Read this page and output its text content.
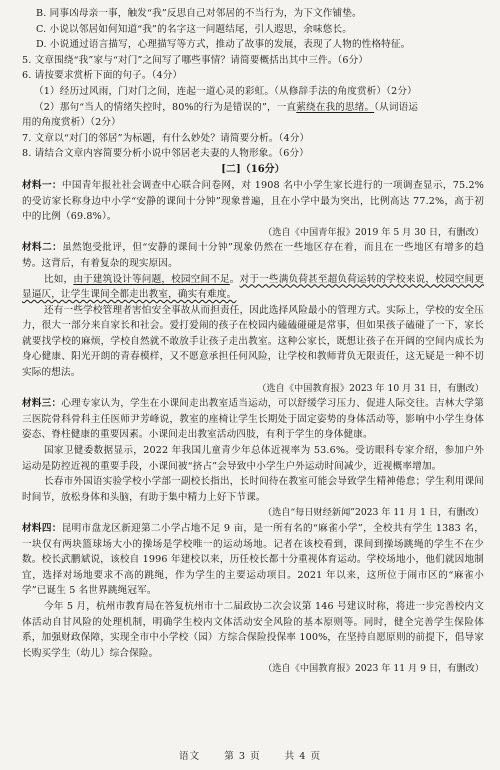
B. 同事凶母亲一事，触发“我”反思自己对邻居的不当行为，为下文作铺垫。

C. 小说以邻居如何知道“我”的名字这一问题结尾，引人遐思，余味悠长。

D. 小说通过语言描写，心理描写等方式，推动了故事的发展，表现了人物的性格特征。

5. 文章围绕“我”家与“对门”之间写了哪些事情？请简要概括出其中三件。（6分）

6. 请按要求赏析下面的句子。（4分）

（1）经历过风雨，门对门之间，连起一道心灵的彩虹。（从修辞手法的角度赏析）（2分）

（2）那句“当人的情绪失控时，80%的行为是错误的”，一直萦绕在我的思绪。（从词语运

用的角度赏析）（2分）

7. 文章以“对门的邻居”为标题，有什么妙处？请简要分析。（4分）

8. 请结合文章内容简要分析小说中邻居老夫妻的人物形象。（6分）

[二]（16分）

材料一：中国青年报社社会调查中心联合问卷网，对 1908 名中小学生家长进行的一项调查显示，75.2%的受访家长称身边中小学“安静的课间十分钟”现象普遍，且在小学中最为突出，比例高达 77.2%，高于初中的比例（69.8%）。

（选自《中国青年报》2019 年 5 月 30 日，有删改）

材料二：虽然饱受批评，但“安静的课间十分钟”现象仍然在一些地区存在着，而且在一些地区有增多的趋势。这背后，有着复杂的现实原因。

比如，由于建筑设计等问题，校园空间不足。对于一些满负荷甚至超负荷运转的学校来说，校园空间更显逼仄，让学生课间全都走出教室，确实有难度。

还有一些学校管理者害怕安全事故从而担责任，因此选择风险最小的管理方式。实际上，学校的安全压力，很大一部分来自家长和社会。爱打爱闹的孩子在校园内磕磕碰碰是常事，但如果孩子磕碰了一下，家长就要找学校的麻烦，学校自然就不敢放手让孩子走出教室。这种公家长，既想让孩子在开阔的空间内成长为身心健康、阳光开朗的青春模样，又不愿意承担任何风险，让学校和教师背负无限责任，这无疑是一种不切实际的想法。

（选自《中国教育报》2023 年 10 月 31 日，有删改）

材料三：心理专家认为，学生在小课间走出教室适当运动，可以舒缓学习压力、促进人际交往。吉林大学第三医院骨科骨科主任医师尹芳峰说，教室的座椅让学生长期处于固定姿势的身体活动等，影响中小学生身体姿态、脊柱健康的重要因素。小课间走出教室活动四肢，有利于学生的身体健康。

国家卫健委数据显示，2022 年我国儿童青少年总体近视率为 53.6%。受访眼科专家介绍，参加户外运动是防控近视的重要手段，小课间被“挤占”会导致中小学生户外运动时间减少，近视概率增加。

长春市外国语实验学校小学部一副校长指出，长时间待在教室可能会导致学生精神倦怠；学生利用课间时间节，放松身体和头脑，有助于集中精力上好下节课。

（选自“每日财经新闻”2023 年 11 月 1 日，有删改）

材料四：昆明市盘龙区新迎第二小学占地不足 9 亩，是一所有名的“麻雀小学”，全校共有学生 1383 名，一块仅有两块篮球场大小的操场是学校唯一的运动场地。记者在该校看到，课间到操场跳绳的学生不在少数。校长武鹏斌说，该校自 1996 年建校以来，历任校长都十分重视体育运动。学校场地小，他们就因地制宜，选择对场地要求不高的跳绳，作为学生的主要运动项目。2021 年以来，这所位于闹市区的“麻雀小学”已诞生 5 名世界跳绳冠军。

今年 5 月，杭州市教育局在答复杭州市十二届政协二次会议第 146 号建议时称，将进一步完善校内文体活动自甘风险的处理机制，明确学生校内文体活动安全风险的基本原则等。同时，健全完善学生保险体系，加强财政保障，实现全市中小学校（园）方综合保险投保率 100%，在坚持自愿原则的前提下，倡导家长购买学生（幼儿）综合保险。

（选自《中国教育报》2023 年 11 月 9 日，有删改）

语文	第 3 页	共 4 页
